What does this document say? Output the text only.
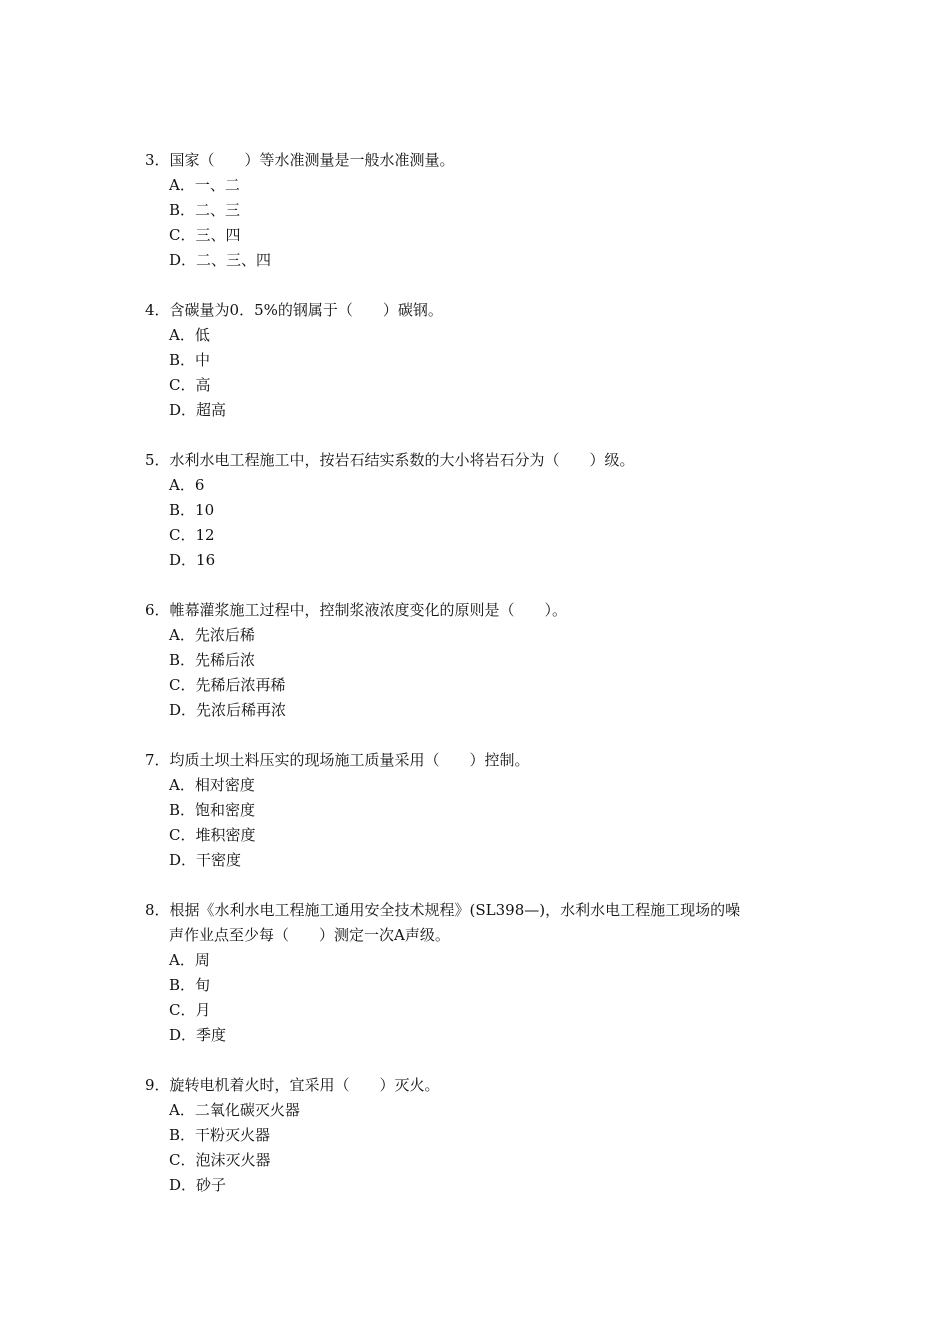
3．国家（　　）等水准测量是一般水准测量。

A．一、二
B．二、三
C．三、四
D．二、三、四

4．含碳量为0．5%的钢属于（　　）碳钢。

A．低
B．中
C．高
D．超高

5．水利水电工程施工中，按岩石结实系数的大小将岩石分为（　　）级。

A．6
B．10
C．12
D．16

6．帷幕灌浆施工过程中，控制浆液浓度变化的原则是（　　）。

A．先浓后稀
B．先稀后浓
C．先稀后浓再稀
D．先浓后稀再浓

7．均质土坝土料压实的现场施工质量采用（　　）控制。

A．相对密度
B．饱和密度
C．堆积密度
D．干密度

8．根据《水利水电工程施工通用安全技术规程》(SL398—)，水利水电工程施工现场的噪
声作业点至少每（　　）测定一次A声级。

A．周
B．旬
C．月
D．季度

9．旋转电机着火时，宜采用（　　）灭火。

A．二氧化碳灭火器
B．干粉灭火器
C．泡沫灭火器
D．砂子
